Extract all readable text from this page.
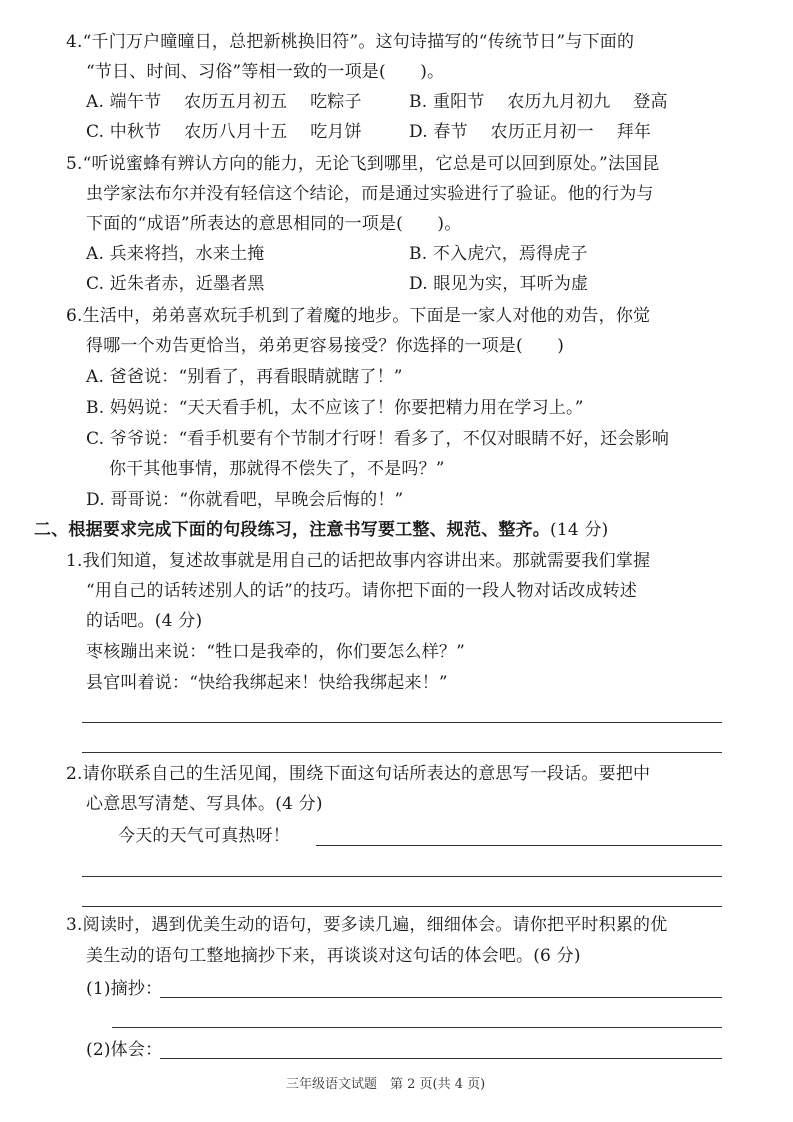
4.“千门万户曈曈日，总把新桃换旧符”。这句诗描写的“传统节日”与下面的
“节日、时间、习俗”等相一致的一项是(　　)。
A. 端午节　 农历五月初五　 吃粽子	B. 重阳节　 农历九月初九　 登高
C. 中秋节　 农历八月十五　 吃月饼	D. 春节　 农历正月初一　 拜年
5.“听说蜜蜂有辨认方向的能力，无论飞到哪里，它总是可以回到原处。”法国昆
虫学家法布尔并没有轻信这个结论，而是通过实验进行了验证。他的行为与
下面的“成语”所表达的意思相同的一项是(　　)。
A. 兵来将挡，水来土掩	B. 不入虎穴，焉得虎子
C. 近朱者赤，近墨者黑	D. 眼见为实，耳听为虚
6.生活中，弟弟喜欢玩手机到了着魔的地步。下面是一家人对他的劝告，你觉
得哪一个劝告更恰当，弟弟更容易接受？你选择的一项是(　　)
A. 爸爸说：“别看了，再看眼睛就瞎了！”
B. 妈妈说：“天天看手机，太不应该了！你要把精力用在学习上。”
C. 爷爷说：“看手机要有个节制才行呀！看多了，不仅对眼睛不好，还会影响
你干其他事情，那就得不偿失了，不是吗？”
D. 哥哥说：“你就看吧，早晚会后悔的！”
二、根据要求完成下面的句段练习，注意书写要工整、规范、整齐。(14 分)
1.我们知道，复述故事就是用自己的话把故事内容讲出来。那就需要我们掌握
“用自己的话转述别人的话”的技巧。请你把下面的一段人物对话改成转述
的话吧。(4 分)
枣核蹦出来说：“牲口是我牵的，你们要怎么样？”
县官叫着说：“快给我绑起来！快给我绑起来！”
2.请你联系自己的生活见闻，围绕下面这句话所表达的意思写一段话。要把中
心意思写清楚、写具体。(4 分)
今天的天气可真热呀！
3.阅读时，遇到优美生动的语句，要多读几遍，细细体会。请你把平时积累的优
美生动的语句工整地摘抄下来，再谈谈对这句话的体会吧。(6 分)
(1)摘抄：
(2)体会：
三年级语文试题　第 2 页(共 4 页)
